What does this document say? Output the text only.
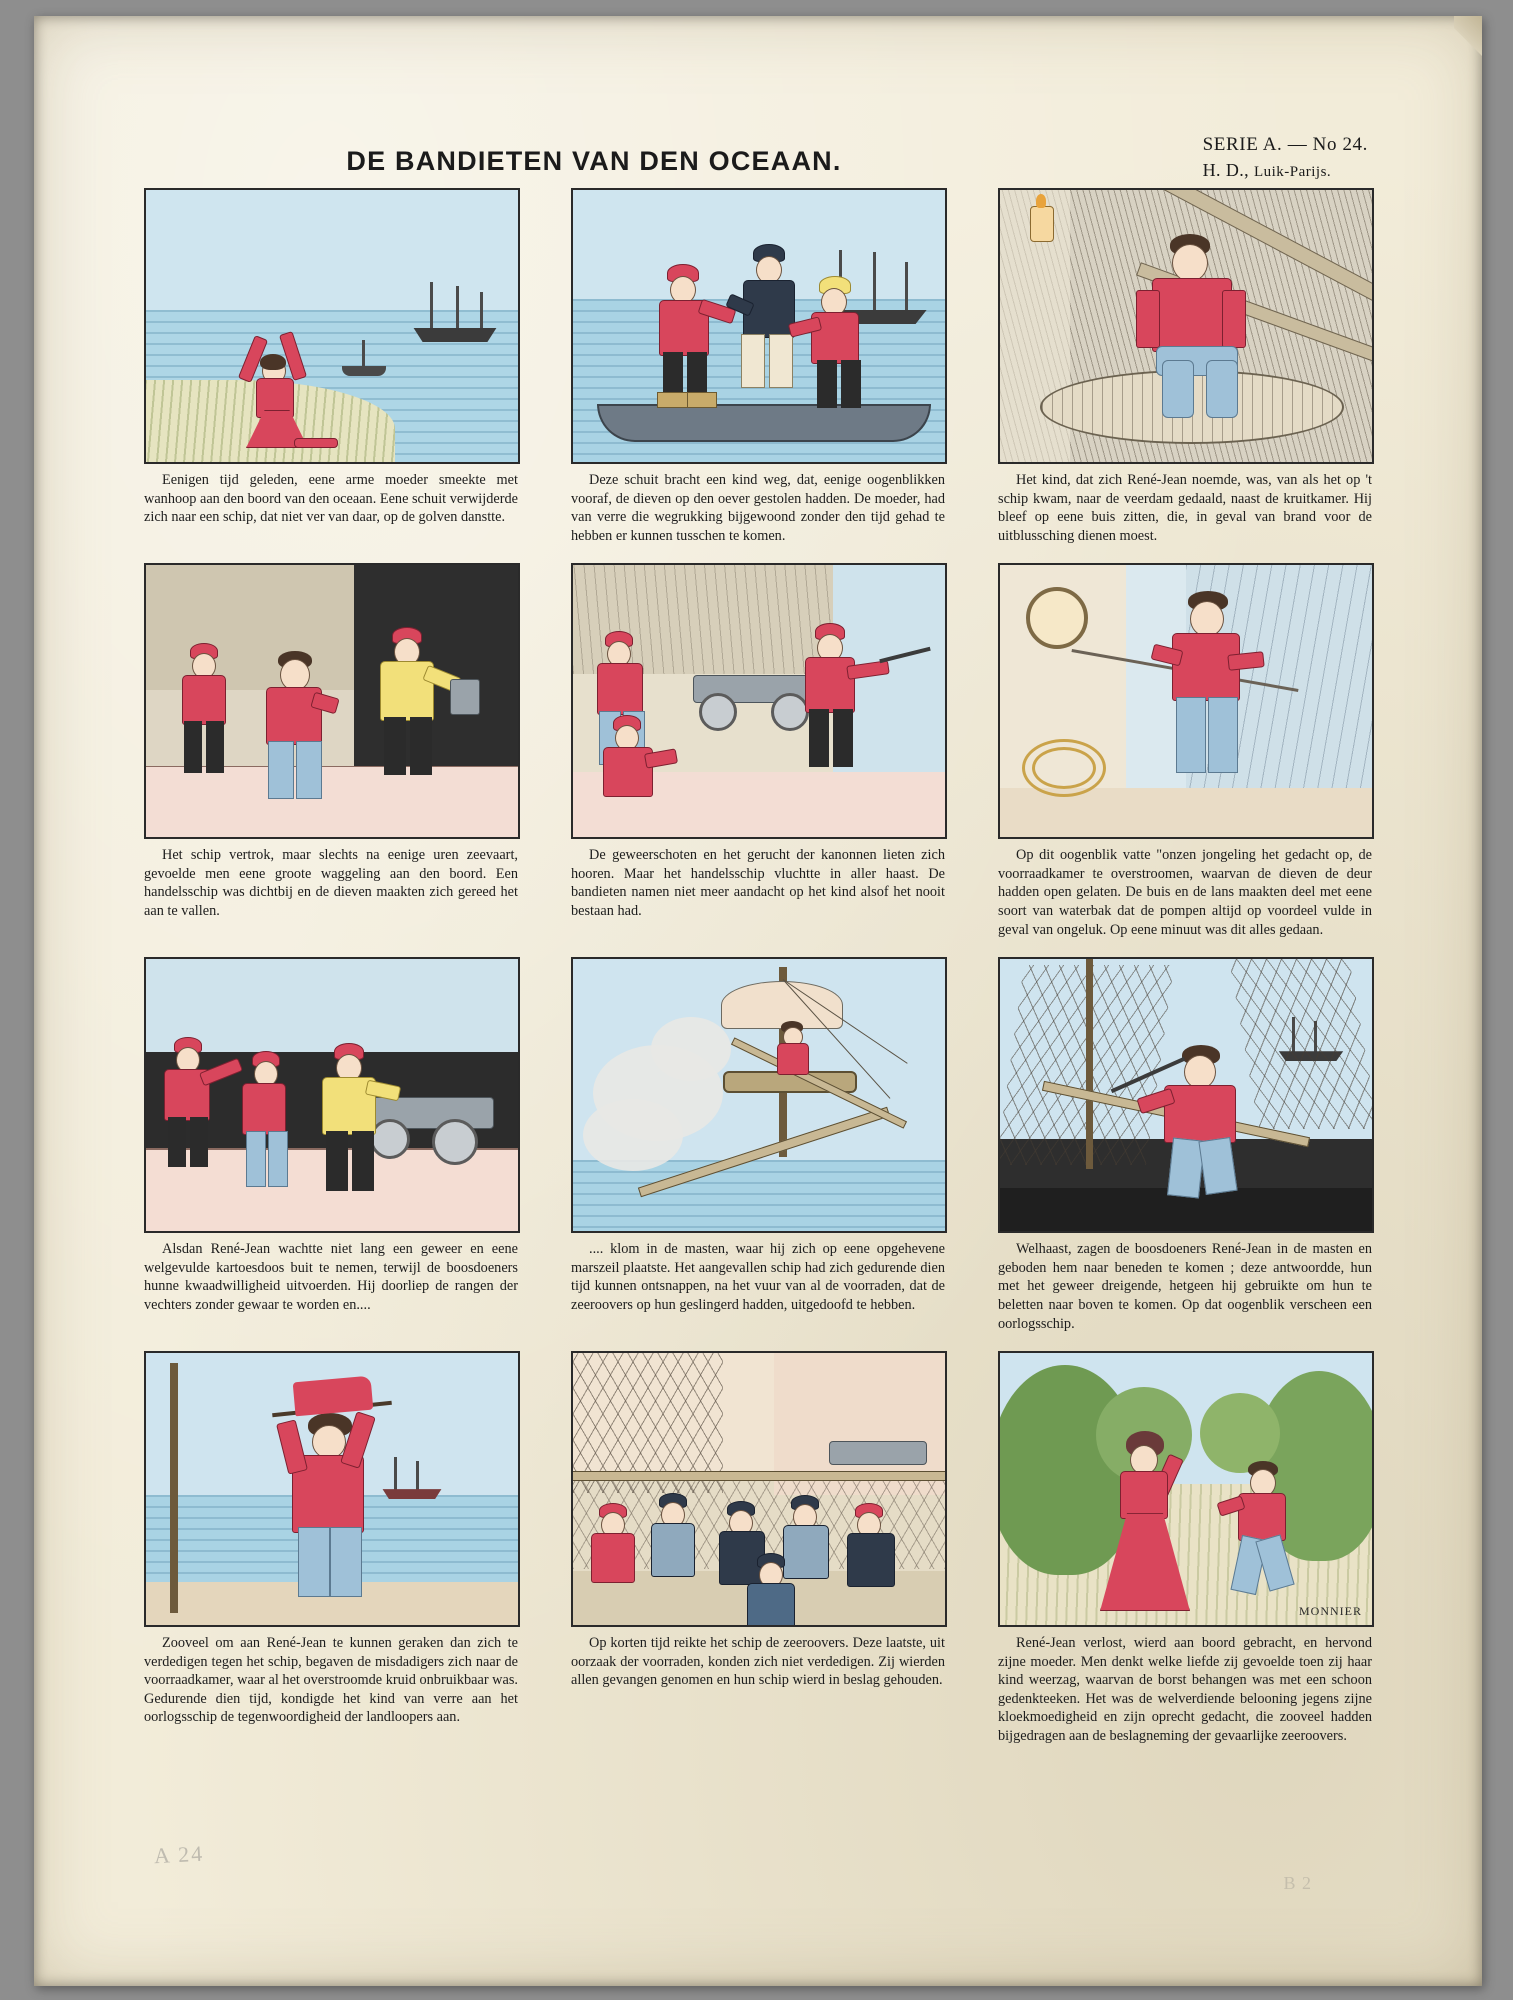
DE BANDIETEN VAN DEN OCEAAN.
SERIE A. — No 24.
H. D., Luik-Parijs.
Eenigen tijd geleden, eene arme moeder smeekte met wanhoop aan den boord van den oceaan. Eene schuit verwijderde zich naar een schip, dat niet ver van daar, op de golven danstte.
Deze schuit bracht een kind weg, dat, eenige oogenblikken vooraf, de dieven op den oever gestolen hadden. De moeder, had van verre die wegrukking bijgewoond zonder den tijd gehad te hebben er kunnen tusschen te komen.
Het kind, dat zich René-Jean noemde, was, van als het op 't schip kwam, naar de veerdam gedaald, naast de kruitkamer. Hij bleef op eene buis zitten, die, in geval van brand voor de uitblussching dienen moest.
Het schip vertrok, maar slechts na eenige uren zeevaart, gevoelde men eene groote waggeling aan den boord. Een handelsschip was dichtbij en de dieven maakten zich gereed het aan te vallen.
De geweerschoten en het gerucht der kanonnen lieten zich hooren. Maar het handelsschip vluchtte in aller haast. De bandieten namen niet meer aandacht op het kind alsof het nooit bestaan had.
Op dit oogenblik vatte "onzen jongeling het gedacht op, de voorraadkamer te overstroomen, waarvan de dieven de deur hadden open gelaten. De buis en de lans maakten deel met eene soort van waterbak dat de pompen altijd op voordeel vulde in geval van ongeluk. Op eene minuut was dit alles gedaan.
Alsdan René-Jean wachtte niet lang een geweer en eene welgevulde kartoesdoos buit te nemen, terwijl de boosdoeners hunne kwaadwilligheid uitvoerden. Hij doorliep de rangen der vechters zonder gewaar te worden en....
.... klom in de masten, waar hij zich op eene opgehevene marszeil plaatste. Het aangevallen schip had zich gedurende dien tijd kunnen ontsnappen, na het vuur van al de voorraden, dat de zeeroovers op hun geslingerd hadden, uitgedoofd te hebben.
Welhaast, zagen de boosdoeners René-Jean in de masten en geboden hem naar beneden te komen ; deze antwoordde, hun met het geweer dreigende, hetgeen hij gebruikte om hun te beletten naar boven te komen. Op dat oogenblik verscheen een oorlogsschip.
Zooveel om aan René-Jean te kunnen geraken dan zich te verdedigen tegen het schip, begaven de misdadigers zich naar de voorraadkamer, waar al het overstroomde kruid onbruikbaar was. Gedurende dien tijd, kondigde het kind van verre aan het oorlogsschip de tegenwoordigheid der landloopers aan.
Op korten tijd reikte het schip de zeeroovers. Deze laatste, uit oorzaak der voorraden, konden zich niet verdedigen. Zij wierden allen gevangen genomen en hun schip wierd in beslag gehouden.
MONNIER
René-Jean verlost, wierd aan boord gebracht, en hervond zijne moeder. Men denkt welke liefde zij gevoelde toen zij haar kind weerzag, waarvan de borst behangen was met een schoon gedenkteeken. Het was de welverdiende belooning jegens zijne kloekmoedigheid en zijn oprecht gedacht, die zooveel hadden bijgedragen aan de beslagneming der gevaarlijke zeeroovers.
A 24
B 2
